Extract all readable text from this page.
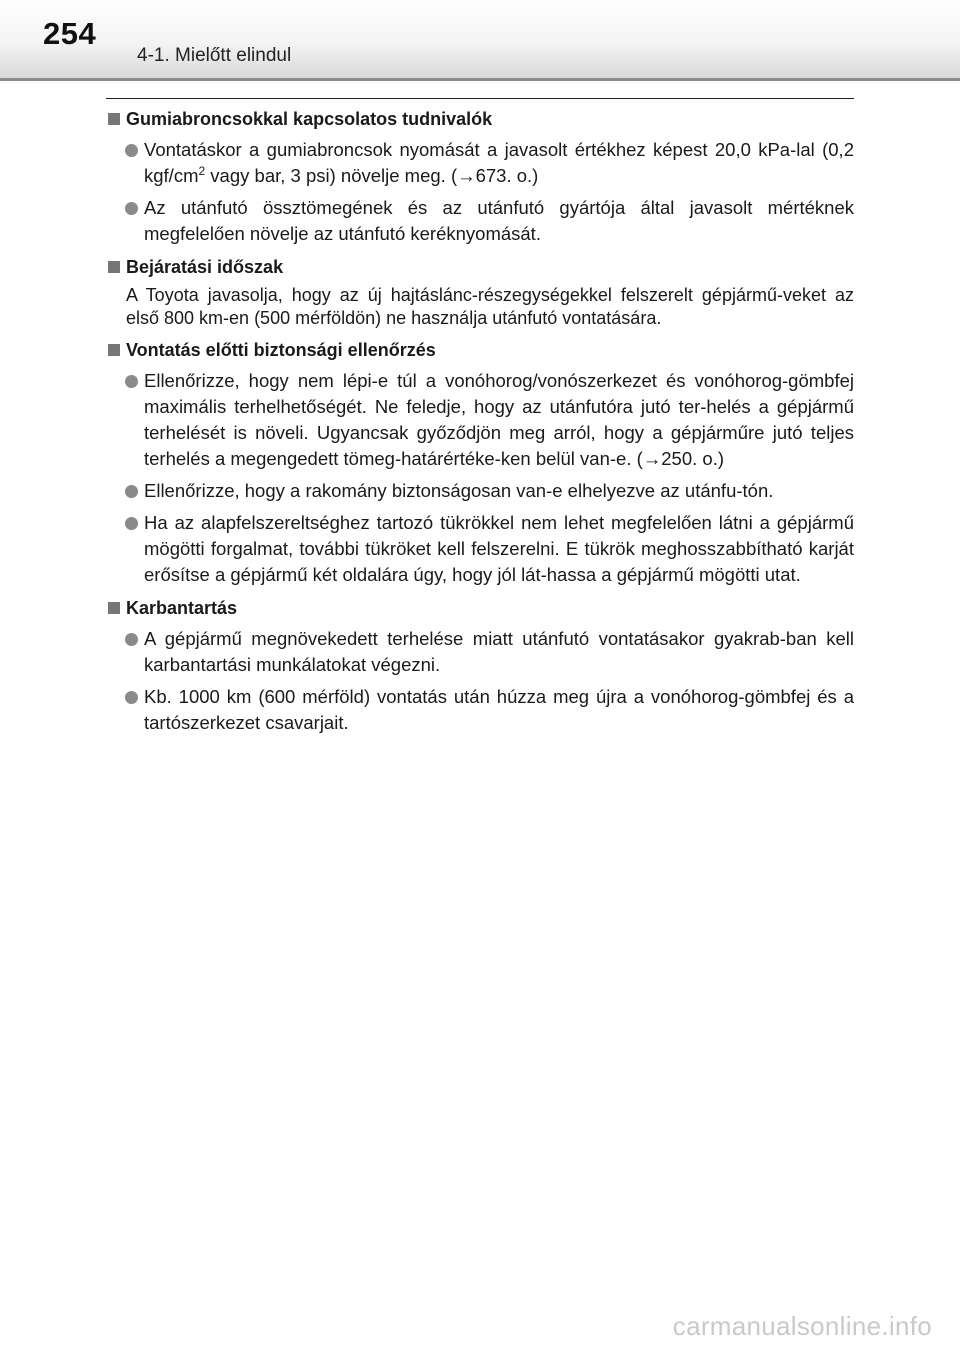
254
4-1. Mielőtt elindul
Gumiabroncsokkal kapcsolatos tudnivalók
Vontatáskor a gumiabroncsok nyomását a javasolt értékhez képest 20,0 kPa-lal (0,2 kgf/$cm^2$ vagy bar, 3 psi) növelje meg. (→673. o.)
Az utánfutó össztömegének és az utánfutó gyártója által javasolt mértéknek megfelelően növelje az utánfutó keréknyomását.
Bejáratási időszak
A Toyota javasolja, hogy az új hajtáslánc-részegységekkel felszerelt gépjármű-veket az első 800 km-en (500 mérföldön) ne használja utánfutó vontatására.
Vontatás előtti biztonsági ellenőrzés
Ellenőrizze, hogy nem lépi-e túl a vonóhorog/vonószerkezet és vonóhorog-gömbfej maximális terhelhetőségét. Ne feledje, hogy az utánfutóra jutó ter-helés a gépjármű terhelését is növeli. Ugyancsak győződjön meg arról, hogy a gépjárműre jutó teljes terhelés a megengedett tömeg-határértéke-ken belül van-e. (→250. o.)
Ellenőrizze, hogy a rakomány biztonságosan van-e elhelyezve az utánfu-tón.
Ha az alapfelszereltséghez tartozó tükrökkel nem lehet megfelelően látni a gépjármű mögötti forgalmat, további tükröket kell felszerelni. E tükrök meghosszabbítható karját erősítse a gépjármű két oldalára úgy, hogy jól lát-hassa a gépjármű mögötti utat.
Karbantartás
A gépjármű megnövekedett terhelése miatt utánfutó vontatásakor gyakrab-ban kell karbantartási munkálatokat végezni.
Kb. 1000 km (600 mérföld) vontatás után húzza meg újra a vonóhorog-gömbfej és a tartószerkezet csavarjait.
carmanualsonline.info
